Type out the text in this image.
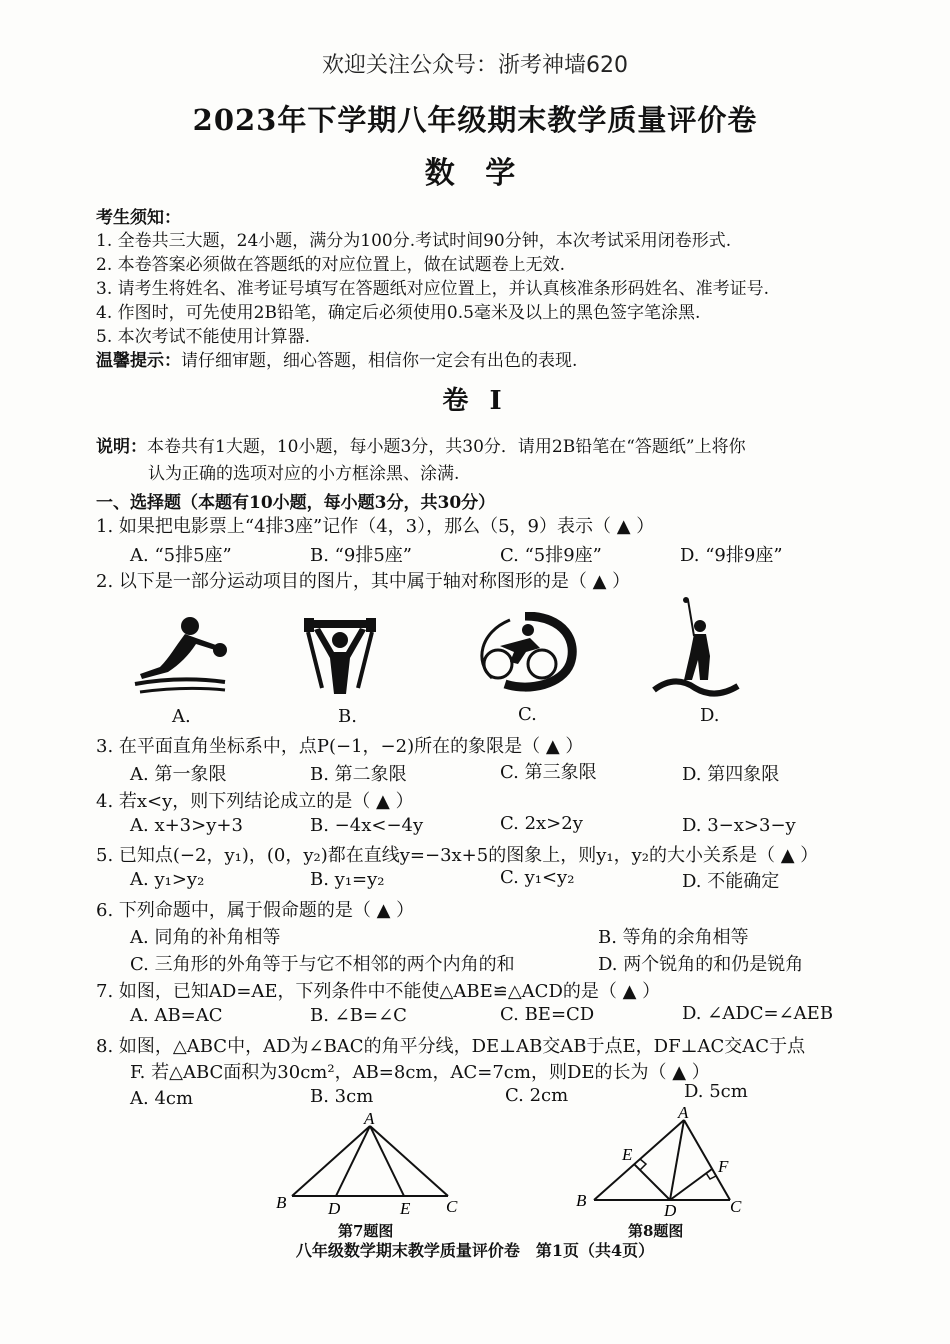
欢迎关注公众号：浙考神墙620
2023年下学期八年级期末教学质量评价卷
数 学
考生须知：
1. 全卷共三大题，24小题，满分为100分.考试时间90分钟，本次考试采用闭卷形式.
2. 本卷答案必须做在答题纸的对应位置上，做在试题卷上无效.
3. 请考生将姓名、准考证号填写在答题纸对应位置上，并认真核准条形码姓名、准考证号.
4. 作图时，可先使用2B铅笔，确定后必须使用0.5毫米及以上的黑色签字笔涂黑.
5. 本次考试不能使用计算器.
温馨提示：请仔细审题，细心答题，相信你一定会有出色的表现.
卷 I
说明：本卷共有1大题，10小题，每小题3分，共30分．请用2B铅笔在“答题纸”上将你
认为正确的选项对应的小方框涂黑、涂满.
一、选择题（本题有10小题，每小题3分，共30分）
1. 如果把电影票上“4排3座”记作（4，3），那么（5，9）表示（ ▲ ）
A. “5排5座”	B. “9排5座”	C. “5排9座”	D. “9排9座”
2. 以下是一部分运动项目的图片，其中属于轴对称图形的是（ ▲ ）
A.	B.	C.	D.
3. 在平面直角坐标系中，点P(−1，−2)所在的象限是（ ▲ ）
A. 第一象限	B. 第二象限	C. 第三象限	D. 第四象限
4. 若x<y，则下列结论成立的是（ ▲ ）
A. x+3>y+3	B. −4x<−4y	C. 2x>2y	D. 3−x>3−y
5. 已知点(−2，y₁)，(0，y₂)都在直线y=−3x+5的图象上，则y₁，y₂的大小关系是（ ▲ ）
A. y₁>y₂	B. y₁=y₂	C. y₁<y₂	D. 不能确定
6. 下列命题中，属于假命题的是（ ▲ ）
A. 同角的补角相等	B. 等角的余角相等
C. 三角形的外角等于与它不相邻的两个内角的和	D. 两个锐角的和仍是锐角
7. 如图，已知AD=AE，下列条件中不能使△ABE≌△ACD的是（ ▲ ）
A. AB=AC	B. ∠B=∠C	C. BE=CD	D. ∠ADC=∠AEB
8. 如图，△ABC中，AD为∠BAC的角平分线，DE⊥AB交AB于点E，DF⊥AC交AC于点
F. 若△ABC面积为30cm²，AB=8cm，AC=7cm，则DE的长为（ ▲ ）
A. 4cm	B. 3cm	C. 2cm	D. 5cm
A
B	C
D	E
第7题图
A
B	C
D
E
F
第8题图
八年级数学期末教学质量评价卷　第1页（共4页）
